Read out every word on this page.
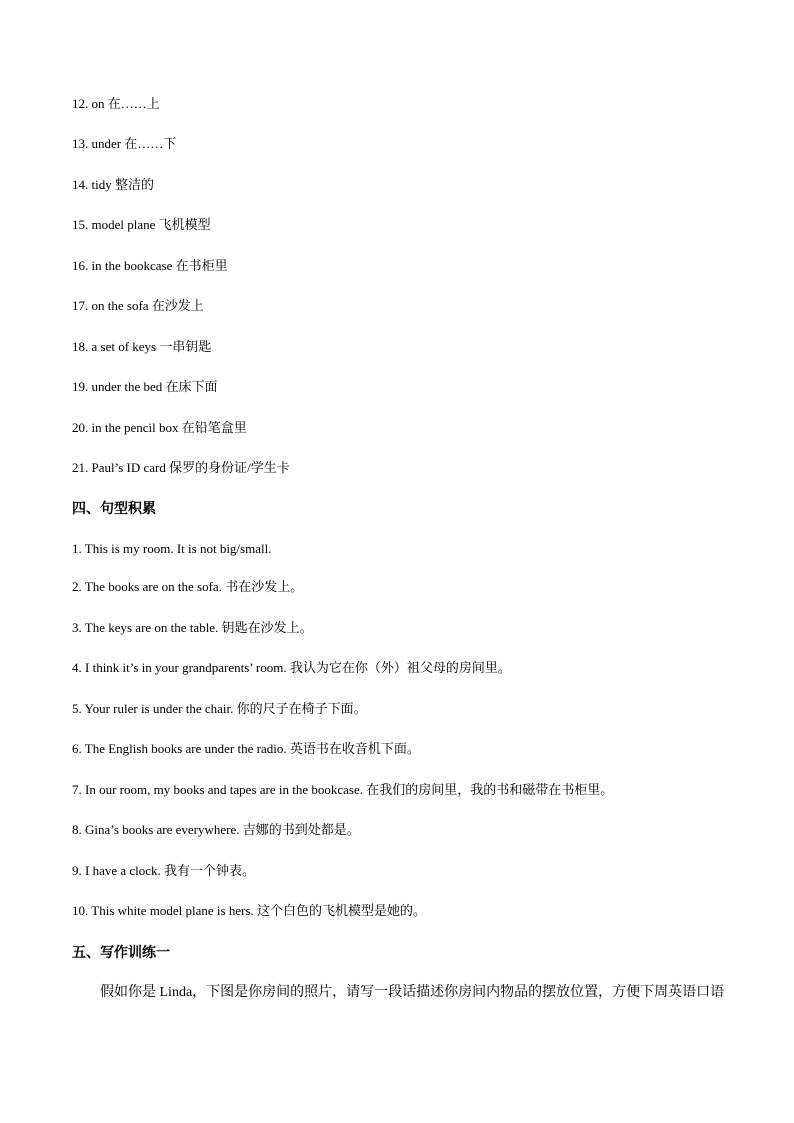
12. on 在……上
13. under 在……下
14. tidy 整洁的
15. model plane 飞机模型
16. in the bookcase 在书柜里
17. on the sofa 在沙发上
18. a set of keys 一串钥匙
19. under the bed 在床下面
20. in the pencil box 在铅笔盒里
21. Paul’s ID card 保罗的身份证/学生卡
四、句型积累
1. This is my room. It is not big/small.
2. The books are on the sofa. 书在沙发上。
3. The keys are on the table. 钥匙在沙发上。
4. I think it’s in your grandparents’ room. 我认为它在你（外）祖父母的房间里。
5. Your ruler is under the chair. 你的尺子在椅子下面。
6. The English books are under the radio. 英语书在收音机下面。
7. In our room, my books and tapes are in the bookcase. 在我们的房间里，我的书和磁带在书柜里。
8. Gina’s books are everywhere. 吉娜的书到处都是。
9. I have a clock. 我有一个钟表。
10. This white model plane is hers. 这个白色的飞机模型是她的。
五、写作训练一
假如你是 Linda，下图是你房间的照片，请写一段话描述你房间内物品的摆放位置，方便下周英语口语
